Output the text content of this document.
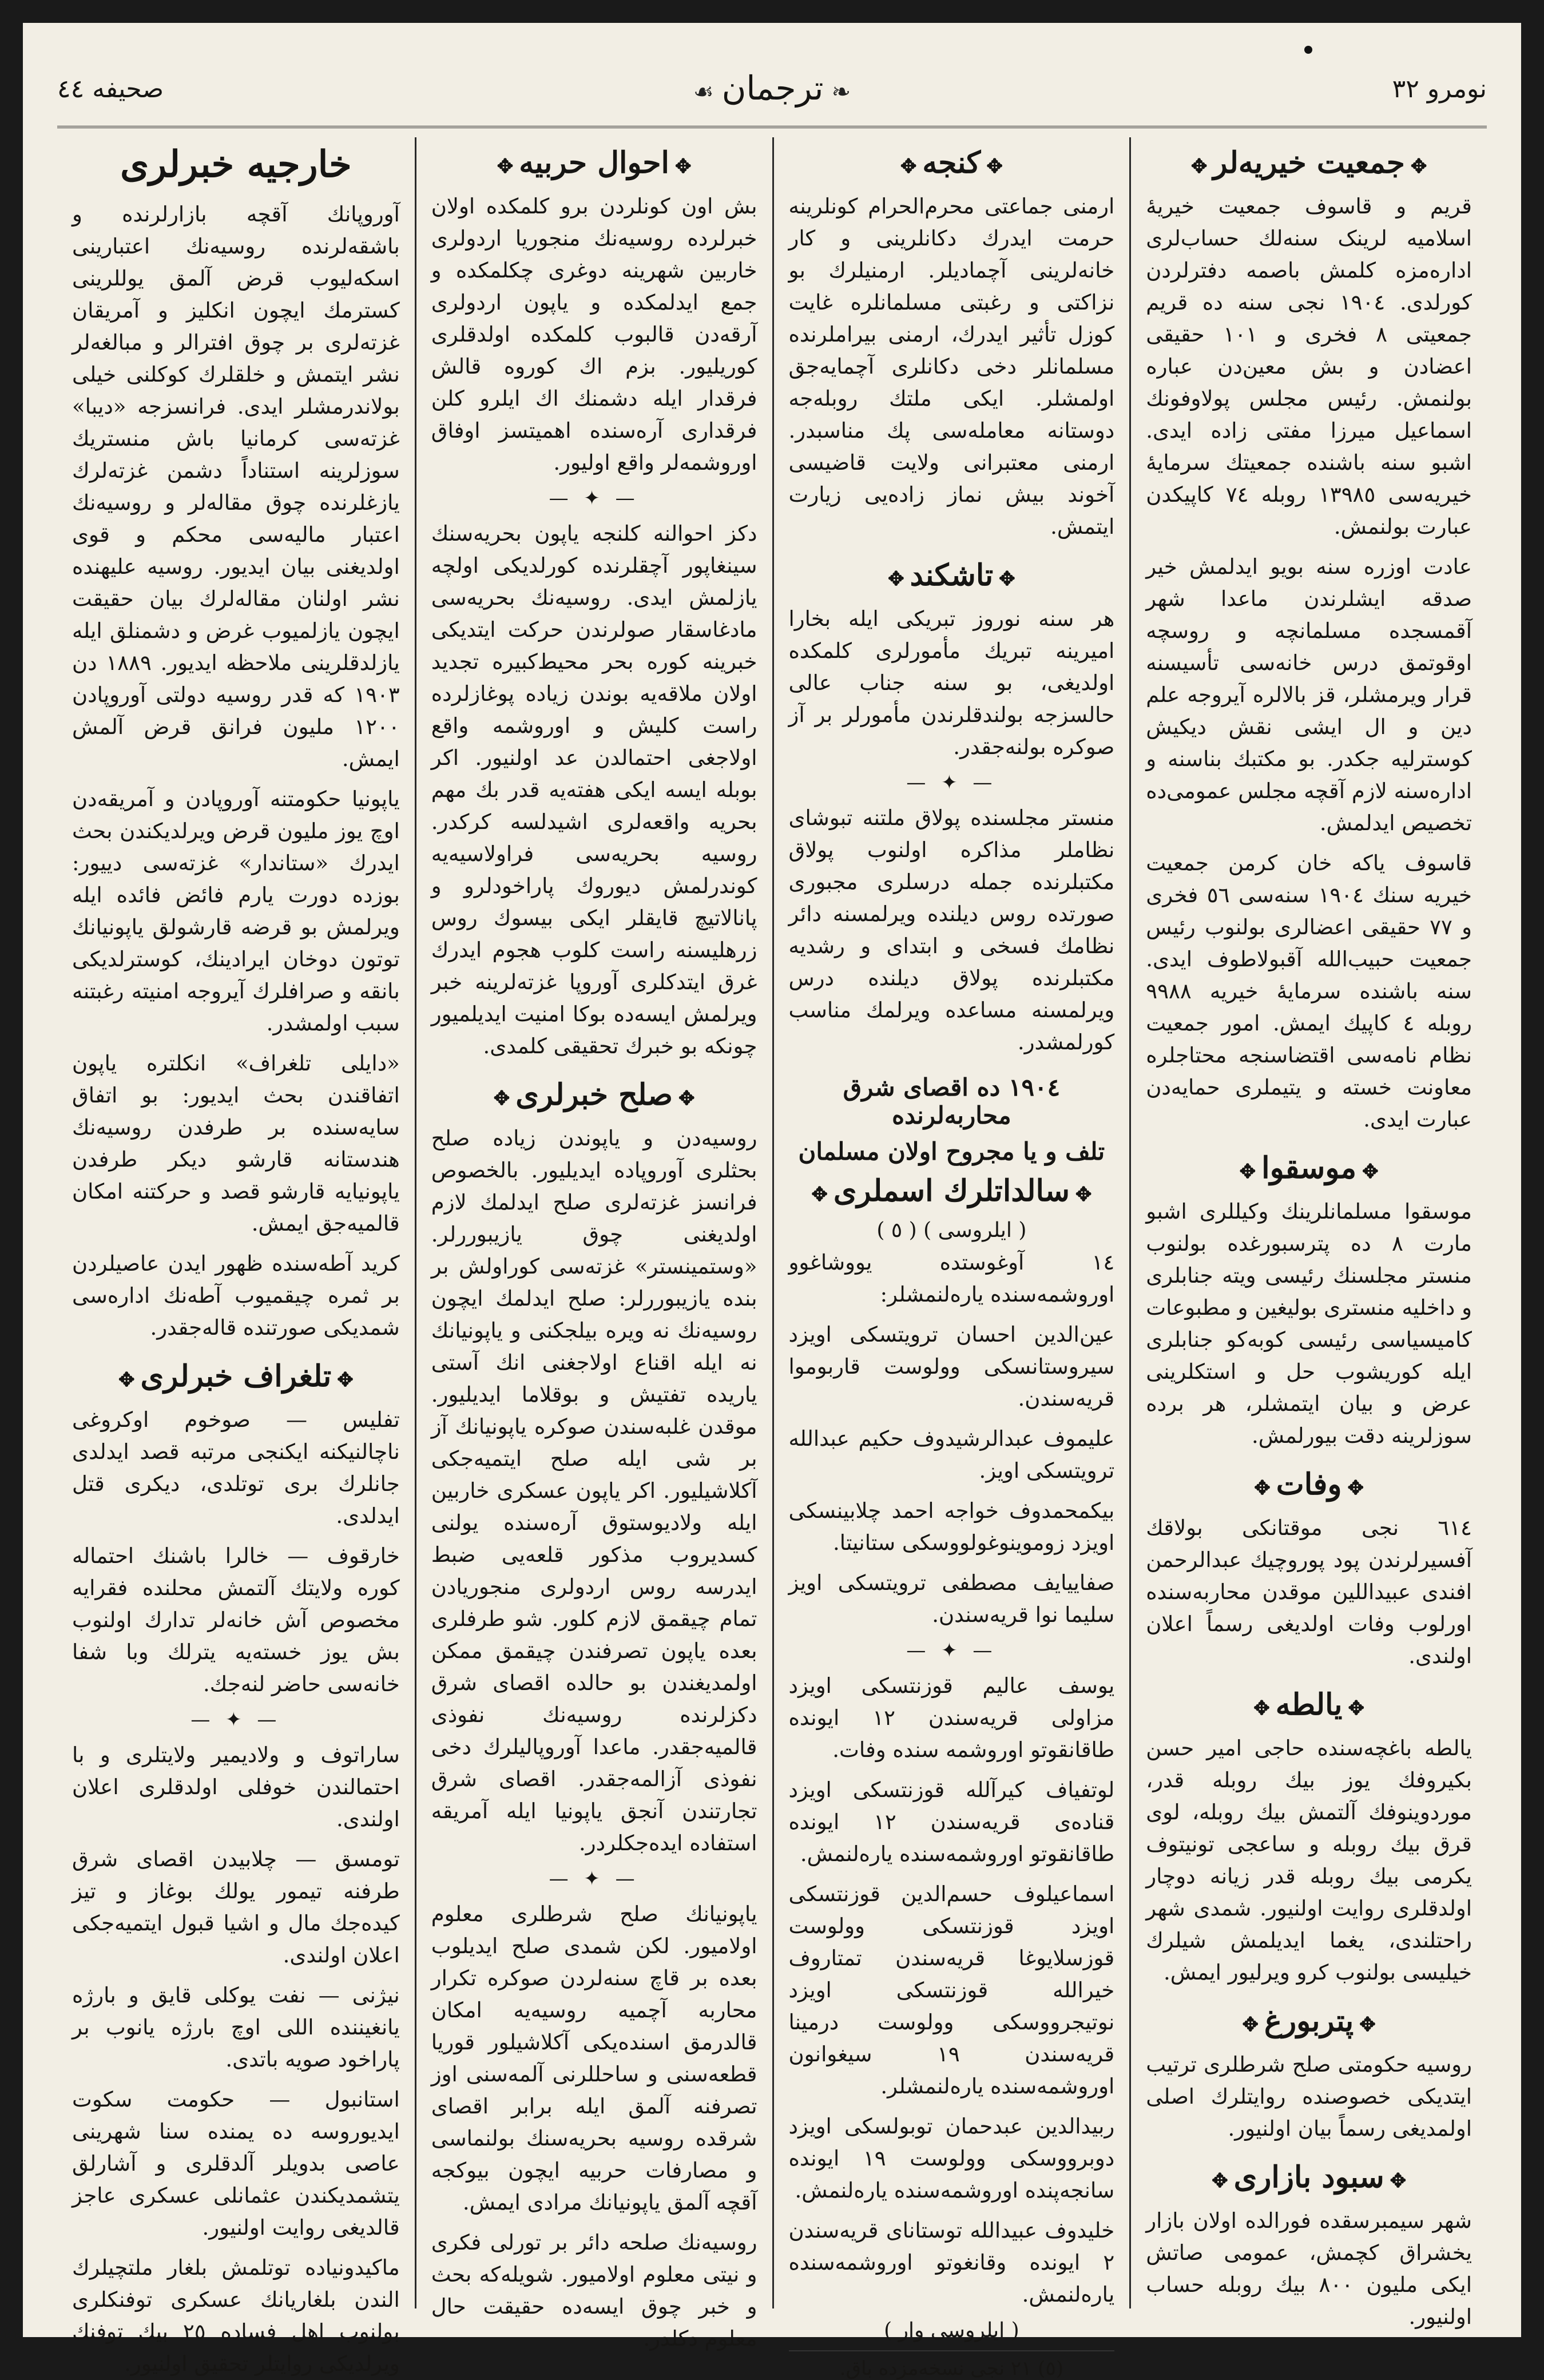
صحیفه ٤٤	❧ترجمان☙	نومرو ٣٢
✥جمعیت خیریه‌لر✥

قریم و قاسوف جمعیت خیریهٔ اسلامیه لرینک سنه‌لك حساب‌لری اداره‌مزه کلمش باصمه دفترلردن کورلدی. ١٩٠٤ نجی سنه ده قریم جمعیتی ٨ فخری و ١٠١ حقیقی اعضادن و بش معین‌دن عباره بولنمش. رئیس مجلس پولاوفونك اسماعیل میرزا مفتی زاده ایدی. اشبو سنه باشنده جمعیتك سرمایهٔ خیریه‌سی ١٣٩٨٥ روبله ٧٤ کاپیکدن عبارت بولنمش.

عادت اوزره سنه بویو ایدلمش خیر صدقه ایشلرندن ماعدا شهر آقمسجده مسلمانچه و روسچه اوقوتمق درس خانه‌سی تأسیسنه قرار ویرمشلر، قز بالالره آیروجه علم دین و ال ایشی نقش دیکیش کوسترلیه جکدر. بو مکتبك بناسنه و اداره‌سنه لازم آقچه مجلس عمومی‌ده تخصیص ایدلمش.

قاسوف یاکه خان کرمن جمعیت خیریه سنك ١٩٠٤ سنه‌سی ٥٦ فخری و ٧٧ حقیقی اعضالری بولنوب رئیس جمعیت حبیب‌الله آقبولاطوف ایدی. سنه باشنده سرمایهٔ خیریه ٩٩٨٨ روبله ٤ کاپیك ایمش. امور جمعیت نظام نامه‌سی اقتضاسنجه محتاجلره معاونت خسته و یتیملری حمایه‌دن عبارت ایدی.

✥موسقوا✥

موسقوا مسلمانلرینك وکیللری اشبو مارت ٨ ده پترسبورغده بولنوب منستر مجلسنك رئیسی ویته جنابلری و داخلیه منستری بولیغین و مطبوعات کامیسیاسی رئیسی کوبه‌کو جنابلری ایله کوریشوب حل و استکلرینی عرض و بیان ایتمشلر، هر برده سوزلرینه دقت بیورلمش.

✥وفات✥

٦١٤ نجی موقتانکی بولاقك آفسیرلرندن پود پوروچیك عبدالرحمن افندی عبیداللین موقدن محاربه‌سنده اورلوب وفات اولدیغی رسماً اعلان اولندی.

✥یالطه✥

یالطه باغچه‌سنده حاجی امیر حسن بکیروفك یوز بیك روبله قدر، موردوینوفك آلتمش بیك روبله، لوی قرق بیك روبله و ساعجی تونیتوف یکرمی بیك روبله قدر زیانه دوچار اولدقلری روایت اولنیور. شمدی شهر راحتلندی، یغما ایدیلمش شیلرك خیلیسی بولنوب کرو ویرلیور ایمش.

✥پتربورغ✥

روسیه حکومتی صلح شرطلری ترتیب ایتدیکی خصوصنده روایتلرك اصلی اولمدیغی رسماً بیان اولنیور.

✥سبود بازاری✥

شهر سیمبرسقده فورالده اولان بازار یخشراق کچمش، عمومی صاتش ایکی ملیون ٨٠٠ بیك روبله حساب اولنیور.

✥کنجه✥

ارمنی جماعتی محرم‌الحرام کونلرینه حرمت ایدرك دکانلرینی و کار خانه‌لرینی آچمادیلر. ارمنیلرك بو نزاکتی و رغبتی مسلمانلره غایت کوزل تأثیر ایدرك، ارمنی بیراملرنده مسلمانلر دخی دکانلری آچمایه‌جق اولمشلر. ایکی ملتك روبله‌جه دوستانه معامله‌سی پك مناسبدر. ارمنی معتبرانی ولایت قاضیسی آخوند بیش نماز زاده‌یی زیارت ایتمش.

✥تاشکند✥

هر سنه نوروز تبریکی ایله بخارا امیرینه تبریك مأمورلری کلمکده اولدیغی، بو سنه جناب عالی حالسزجه بولندقلرندن مأمورلر بر آز صوکره بولنه‌جقدر.

— ✦ —

منستر مجلسنده پولاق ملتنه تبوشای نظاملر مذاکره اولنوب پولاق مکتبلرنده جمله درسلری مجبوری صورتده روس دیلنده ویرلمسنه دائر نظامك فسخی و ابتدای و رشدیه مکتبلرنده پولاق دیلنده درس ویرلمسنه مساعده ویرلمك مناسب کورلمشدر.

١٩٠٤ ده اقصای شرق محاربه‌لرنده
تلف و یا مجروح اولان مسلمان
✥سالداتلرك اسملری✥
( ایلروسی ) ( ٥ )

١٤ آوغوستده یووشاغوو اوروشمه‌سنده یاره‌لنمشلر:

عین‌الدین احسان ترویتسکی اویزد سیروستانسکی وولوست قاربوموا قریه‌سندن.

علیموف عبدالرشیدوف حکیم عبدالله ترویتسکی اویز.

بیکمحمدوف خواجه احمد چلابینسکی اویزد زوموینوغولووسکی ستانیتا.

صفاییایف مصطفی ترویتسکی اویز سلیما نوا قریه‌سندن.

— ✦ —

یوسف عالیم قوزنتسکی اویزد مزاولی قریه‌سندن ١٢ ایونده طاقانقوتو اوروشمه سنده وفات.

لوتفیاف کیرآلله قوزنتسکی اویزد قناده‌ی قریه‌سندن ١٢ ایونده طاقانقوتو اوروشمه‌سنده یاره‌لنمش.

اسماعیلوف حسم‌الدین قوزنتسکی اویزد قوزنتسکی وولوست قوزسلایوغا قریه‌سندن تمتاروف خیرالله قوزنتسکی اویزد نوتیجرووسکی وولوست درمینا قریه‌سندن ١٩ سیغوانون اوروشمه‌سنده یاره‌لنمشلر.

ربیدالدین عبدحمان توبولسکی اویزد دوبرووسکی وولوست ١٩ ایونده سانجه‌پنده اوروشمه‌سنده یاره‌لنمش.

خلیدوف عبیدالله توستانای قریه‌سندن ٢ ایونده وقانغوتو اوروشمه‌سنده یاره‌لنمش.

( ایلروسی وار )
(٥) ٢١ نجی نسخه‌مزده باق.
✥احوال حربیه✥

بش اون کونلردن برو کلمکده اولان خبرلرده روسیه‌نك منجوریا اردولری خاربین شهرینه دوغری چکلمکده و جمع ایدلمکده و یاپون اردولری آرقه‌دن قالبوب کلمکده اولدقلری کوریلیور. بزم اك کوروه قالش فرقدار ایله دشمنك اك ایلرو کلن فرقداری آره‌سنده اهمیتسز اوفاق اوروشمه‌لر واقع اولیور.

— ✦ —

دکز احوالنه کلنجه یاپون بحریه‌سنك سینغاپور آچقلرنده کورلدیکی اولچه یازلمش ایدی. روسیه‌نك بحریه‌سی مادغاسقار صولرندن حرکت ایتدیکی خبرینه کوره بحر محیط‌کبیره تجدید اولان ملاقه‌یه بوندن زیاده پوغازلرده راست کلیش و اوروشمه واقع اولاجغی احتمالدن عد اولنیور. اکر بوبله ایسه ایکی هفته‌یه قدر بك مهم بحریه واقعه‌لری اشیدلسه کرکدر. روسیه بحریه‌سی فراولاسیه‌یه کوندرلمش دیوروك پاراخودلرو و پانالاتیچ قایقلر ایکی بیسوك روس زرهلیسنه راست کلوب هجوم ایدرك غرق ایتدکلری آوروپا غزته‌لرینه خبر ویرلمش ایسه‌ده بوکا امنیت ایدیلمیور چونکه بو خبرك تحقیقی کلمدی.

✥صلح خبرلری✥

روسیه‌دن و یاپوندن زیاده صلح بحثلری آوروپاده ایدیلیور. بالخصوص فرانسز غزته‌لری صلح ایدلمك لازم اولدیغنی چوق یازیبوررلر. «وستمینستر» غزته‌سی کوراولش بر بنده یازیبوررلر: صلح ایدلمك ایچون روسیه‌نك نه ویره بیلجکنی و یاپونیانك نه ایله اقناع اولاجغنی انك آستی یاریده تفتیش و بوقلاما ایدیلیور. موقدن غلبه‌سندن صوکره یاپونیانك آز بر شی ایله صلح ایتمیه‌جکی آکلاشیلیور. اکر یاپون عسکری خاربین ایله ولادیوستوق آره‌سنده یولنی کسدیروب مذکور قلعه‌یی ضبط ایدرسه روس اردولری منجوریادن تمام چیقمق لازم کلور. شو طرفلری بعده یاپون تصرفندن چیقمق ممکن اولمدیغندن بو حالده اقصای شرق دکزلرنده روسیه‌نك نفوذی قالمیه‌جقدر. ماعدا آوروپالیلرك دخی نفوذی آزالمه‌جقدر. اقصای شرق تجارتندن آنجق یاپونیا ایله آمریقه استفاده ایده‌جکلردر.

— ✦ —

یاپونیانك صلح شرطلری معلوم اولامیور. لکن شمدی صلح ایدیلوب بعده بر قاچ سنه‌لردن صوکره تکرار محاربه آچمیه روسیه‌یه امکان قالدرمق اسنده‌یکی آکلاشیلور قوریا قطعه‌سنی و ساحللرنی آلمه‌سنی اوز تصرفنه آلمق ایله برابر اقصای شرقده روسیه بحریه‌سنك بولنماسی و مصارفات حربیه ایچون بیوکجه آقچه آلمق یاپونیانك مرادی ایمش.

روسیه‌نك صلحه دائر بر تورلی فکری و نیتی معلوم اولامیور. شویله‌که بحث و خبر چوق ایسه‌ده حقیقت حال معلوم دکلدر.

خارجیه خبرلری

آوروپانك آقچه بازارلرنده و باشقه‌لرنده روسیه‌نك اعتبارینی اسکه‌لیوب قرض آلمق یوللرینی کسترمك ایچون انکلیز و آمریقان غزته‌لری بر چوق افترالر و مبالغه‌لر نشر ایتمش و خلقلرك کوکلنی خیلی بولاندرمشلر ایدی. فرانسزجه «دیبا» غزته‌سی کرمانیا باش منستریك سوزلرینه استناداً دشمن غزته‌لرك یازغلرنده چوق مقاله‌لر و روسیه‌نك اعتبار مالیه‌سی محکم و قوی اولدیغنی بیان ایدیور. روسیه علیهنده نشر اولنان مقاله‌لرك بیان حقیقت ایچون یازلمیوب غرض و دشمنلق ایله یازلدقلرینی ملاحظه ایدیور. ١٨٨٩ دن ١٩٠٣ که قدر روسیه دولتی آوروپادن ١٢٠٠ ملیون فرانق قرض آلمش ایمش.

یاپونیا حکومتنه آوروپادن و آمریقه‌دن اوچ یوز ملیون قرض ویرلدیکندن بحث ایدرك «ستاندار» غزته‌سی دییور: بوزده دورت یارم فائض فائده ایله ویرلمش بو قرضه قارشولق یاپونیانك توتون دوخان ایرادینك، کوسترلدیکی بانقه و صرافلرك آیروجه امنیته رغبتنه سبب اولمشدر.

«دایلی تلغراف» انکلتره یاپون اتفاقندن بحث ایدیور: بو اتفاق سایه‌سنده بر طرفدن روسیه‌نك هندستانه قارشو دیکر طرفدن یاپونیایه قارشو قصد و حرکتنه امکان قالمیه‌جق ایمش.

کرید آطه‌سنده ظهور ایدن عاصیلردن بر ثمره چیقمیوب آطه‌نك اداره‌سی شمدیکی صورتنده قاله‌جقدر.

✥تلغراف خبرلری✥

تفلیس — صوخوم اوکروغی ناچالنیکنه ایکنجی مرتبه قصد ایدلدی جانلرك بری توتلدی، دیکری قتل ایدلدی.

خارقوف — خالرا باشنك احتماله کوره ولایتك آلتمش محلنده فقرایه مخصوص آش خانه‌لر تدارك اولنوب بش یوز خسته‌یه یترلك وبا شفا خانه‌سی حاضر لنه‌جك.

— ✦ —

ساراتوف و ولادیمیر ولایتلری و با احتمالندن خوفلی اولدقلری اعلان اولندی.

تومسق — چلابیدن اقصای شرق طرفنه تیمور یولك بوغاز و تیز کیده‌جك مال و اشیا قبول ایتمیه‌جکی اعلان اولندی.

نیژنی — نفت یوکلی قایق و بارژه یانغیننده اللی اوچ بارژه یانوب بر پاراخود صویه باتدی.

استانبول — حکومت سکوت ایدیوروسه ده یمنده سنا شهرینی عاصی بدویلر آلدقلری و آشارلق یتشمدیکندن عثمانلی عسکری عاجز قالدیغی روایت اولنیور.

ماکیدونیاده توتلمش بلغار ملتچیلرك الندن بلغاریانك عسکری توفنکلری بولنوب اهل فساده ٢٥ بیك توفنك ویرلدیکی روایتلر تحقیق اولنیور.
